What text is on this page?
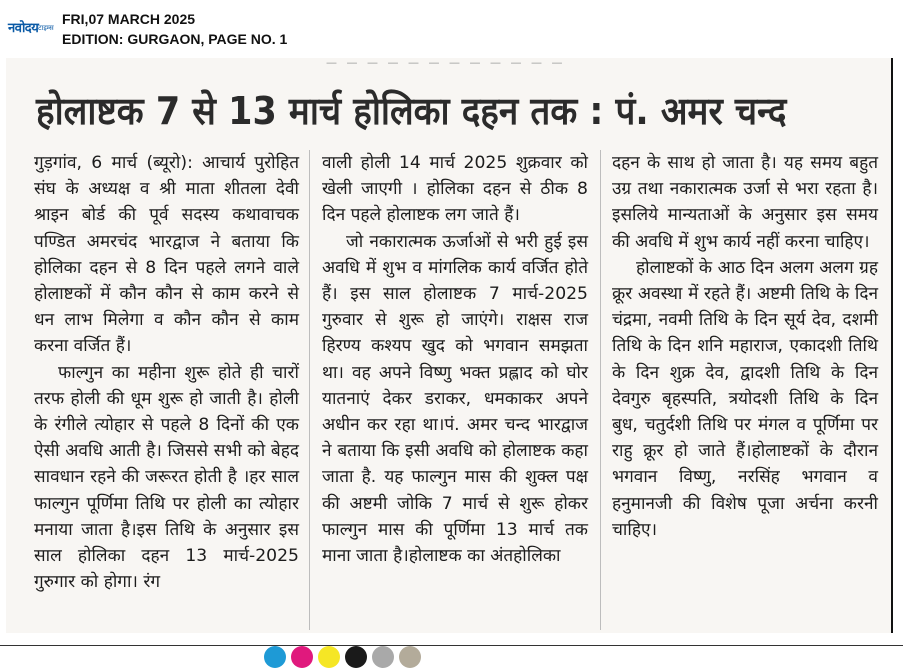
नवोदय टाइम्स
FRI,07 MARCH 2025
EDITION: GURGAON, PAGE NO. 1
— — — — — — — — — — — —
होलाष्टक 7 से 13 मार्च होलिका दहन तक : पं. अमर चन्द

गुड़गांव, 6 मार्च (ब्यूरो): आचार्य पुरोहित संघ के अध्यक्ष व श्री माता शीतला देवी श्राइन बोर्ड की पूर्व सदस्य कथावाचक पण्डित अमरचंद भारद्वाज ने बताया कि होलिका दहन से 8 दिन पहले लगने वाले होलाष्टकों में कौन कौन से काम करने से धन लाभ मिलेगा व कौन कौन से काम करना वर्जित हैं।

फाल्गुन का महीना शुरू होते ही चारों तरफ होली की धूम शुरू हो जाती है। होली के रंगीले त्योहार से पहले 8 दिनों की एक ऐसी अवधि आती है। जिससे सभी को बेहद सावधान रहने की जरूरत होती है ।हर साल फाल्गुन पूर्णिमा तिथि पर होली का त्योहार मनाया जाता है।इस तिथि के अनुसार इस साल होलिका दहन 13 मार्च-2025 गुरुगार को होगा। रंग

वाली होली 14 मार्च 2025 शुक्रवार को खेली जाएगी । होलिका दहन से ठीक 8 दिन पहले होलाष्टक लग जाते हैं।

जो नकारात्मक ऊर्जाओं से भरी हुई इस अवधि में शुभ व मांगलिक कार्य वर्जित होते हैं। इस साल होलाष्टक 7 मार्च-2025 गुरुवार से शुरू हो जाएंगे। राक्षस राज हिरण्य कश्यप खुद को भगवान समझता था। वह अपने विष्णु भक्त प्रह्लाद को घोर यातनाएं देकर डराकर, धमकाकर अपने अधीन कर रहा था।पं. अमर चन्द भारद्वाज ने बताया कि इसी अवधि को होलाष्टक कहा जाता है. यह फाल्गुन मास की शुक्ल पक्ष की अष्टमी जोकि 7 मार्च से शुरू होकर फाल्गुन मास की पूर्णिमा 13 मार्च तक माना जाता है।होलाष्टक का अंतहोलिका

दहन के साथ हो जाता है। यह समय बहुत उग्र तथा नकारात्मक उर्जा से भरा रहता है। इसलिये मान्यताओं के अनुसार इस समय की अवधि में शुभ कार्य नहीं करना चाहिए।

होलाष्टकों के आठ दिन अलग अलग ग्रह क्रूर अवस्था में रहते हैं। अष्टमी तिथि के दिन चंद्रमा, नवमी तिथि के दिन सूर्य देव, दशमी तिथि के दिन शनि महाराज, एकादशी तिथि के दिन शुक्र देव, द्वादशी तिथि के दिन देवगुरु बृहस्पति, त्रयोदशी तिथि के दिन बुध, चतुर्दशी तिथि पर मंगल व पूर्णिमा पर राहु क्रूर हो जाते हैं।होलाष्टकों के दौरान भगवान विष्णु, नरसिंह भगवान व हनुमानजी की विशेष पूजा अर्चना करनी चाहिए।
